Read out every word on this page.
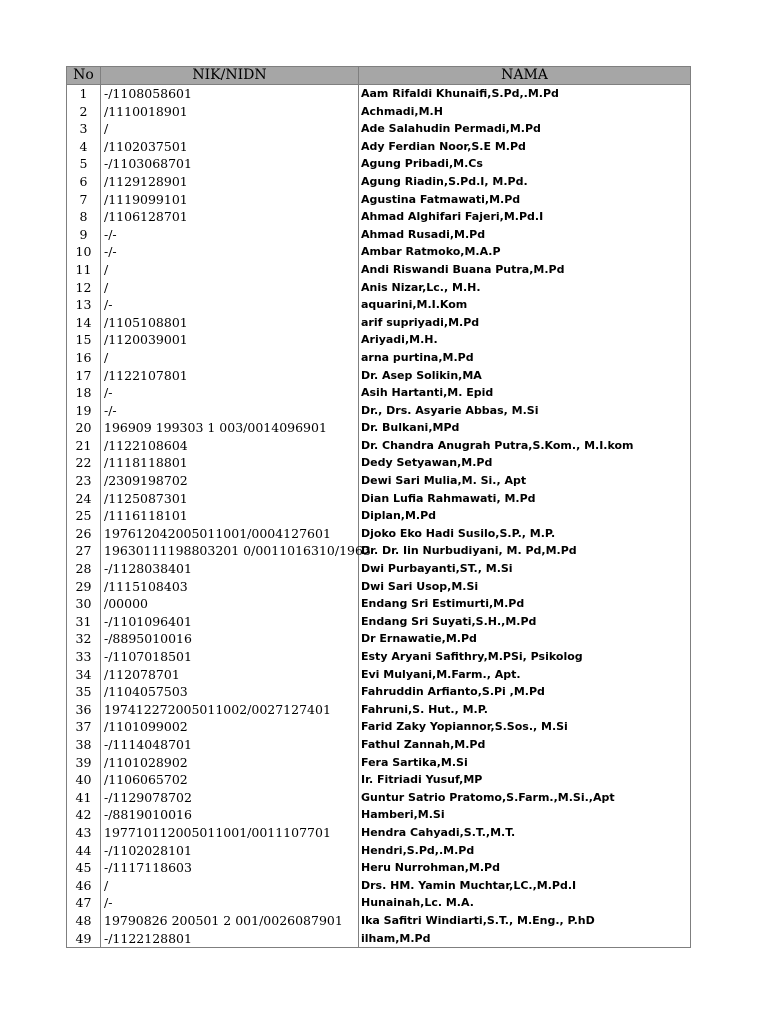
No	NIK/NIDN	NAMA
1	-/1108058601	Aam Rifaldi Khunaifi,S.Pd,.M.Pd
2	/1110018901	Achmadi,M.H
3	/	Ade Salahudin Permadi,M.Pd
4	/1102037501	Ady Ferdian Noor,S.E M.Pd
5	-/1103068701	Agung Pribadi,M.Cs
6	/1129128901	Agung Riadin,S.Pd.I, M.Pd.
7	/1119099101	Agustina Fatmawati,M.Pd
8	/1106128701	Ahmad Alghifari Fajeri,M.Pd.I
9	-/-	Ahmad Rusadi,M.Pd
10	-/-	Ambar Ratmoko,M.A.P
11	/	Andi Riswandi Buana Putra,M.Pd
12	/	Anis Nizar,Lc., M.H.
13	/-	aquarini,M.I.Kom
14	/1105108801	arif supriyadi,M.Pd
15	/1120039001	Ariyadi,M.H.
16	/	arna purtina,M.Pd
17	/1122107801	Dr. Asep Solikin,MA
18	/-	Asih Hartanti,M. Epid
19	-/-	Dr., Drs. Asyarie Abbas, M.Si
20	196909 199303 1 003/0014096901	Dr. Bulkani,MPd
21	/1122108604	Dr. Chandra Anugrah Putra,S.Kom., M.I.kom
22	/1118118801	Dedy Setyawan,M.Pd
23	/2309198702	Dewi Sari Mulia,M. Si., Apt
24	/1125087301	Dian Lufia Rahmawati, M.Pd
25	/1116118101	Diplan,M.Pd
26	197612042005011001/0004127601	Djoko Eko Hadi Susilo,S.P., M.P.
27	19630111198803201 0/0011016310/1963	Dr. Dr. Iin Nurbudiyani, M. Pd,M.Pd
28	-/1128038401	Dwi Purbayanti,ST., M.Si
29	/1115108403	Dwi Sari Usop,M.Si
30	/00000	Endang Sri Estimurti,M.Pd
31	-/1101096401	Endang Sri Suyati,S.H.,M.Pd
32	-/8895010016	Dr Ernawatie,M.Pd
33	-/1107018501	Esty Aryani Safithry,M.PSi, Psikolog
34	/112078701	Evi Mulyani,M.Farm., Apt.
35	/1104057503	Fahruddin Arfianto,S.Pi ,M.Pd
36	197412272005011002/0027127401	Fahruni,S. Hut., M.P.
37	/1101099002	Farid Zaky Yopiannor,S.Sos., M.Si
38	-/1114048701	Fathul Zannah,M.Pd
39	/1101028902	Fera Sartika,M.Si
40	/1106065702	Ir. Fitriadi Yusuf,MP
41	-/1129078702	Guntur Satrio Pratomo,S.Farm.,M.Si.,Apt
42	-/8819010016	Hamberi,M.Si
43	197710112005011001/0011107701	Hendra Cahyadi,S.T.,M.T.
44	-/1102028101	Hendri,S.Pd,.M.Pd
45	-/1117118603	Heru Nurrohman,M.Pd
46	/	Drs. HM. Yamin Muchtar,LC.,M.Pd.I
47	/-	Hunainah,Lc. M.A.
48	19790826 200501 2 001/0026087901	Ika Safitri Windiarti,S.T., M.Eng., P.hD
49	-/1122128801	ilham,M.Pd
